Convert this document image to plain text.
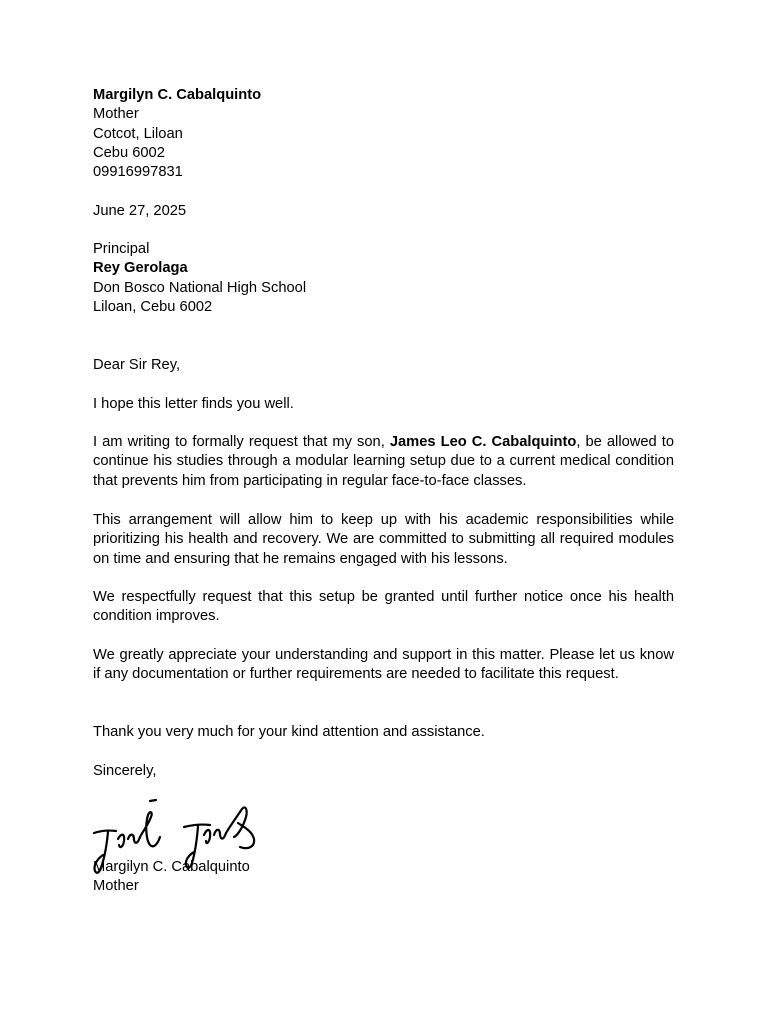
Margilyn C. Cabalquinto
Mother
Cotcot, Liloan
Cebu 6002
09916997831
June 27, 2025
Principal
Rey Gerolaga
Don Bosco National High School
Liloan, Cebu 6002
Dear Sir Rey,

I hope this letter finds you well.

I am writing to formally request that my son, James Leo C. Cabalquinto, be allowed to continue his studies through a modular learning setup due to a current medical condition that prevents him from participating in regular face-to-face classes.

This arrangement will allow him to keep up with his academic responsibilities while prioritizing his health and recovery. We are committed to submitting all required modules on time and ensuring that he remains engaged with his lessons.

We respectfully request that this setup be granted until further notice once his health condition improves.

We greatly appreciate your understanding and support in this matter. Please let us know if any documentation or further requirements are needed to facilitate this request.

Thank you very much for your kind attention and assistance.

Sincerely,
Margilyn C. Cabalquinto
Mother
